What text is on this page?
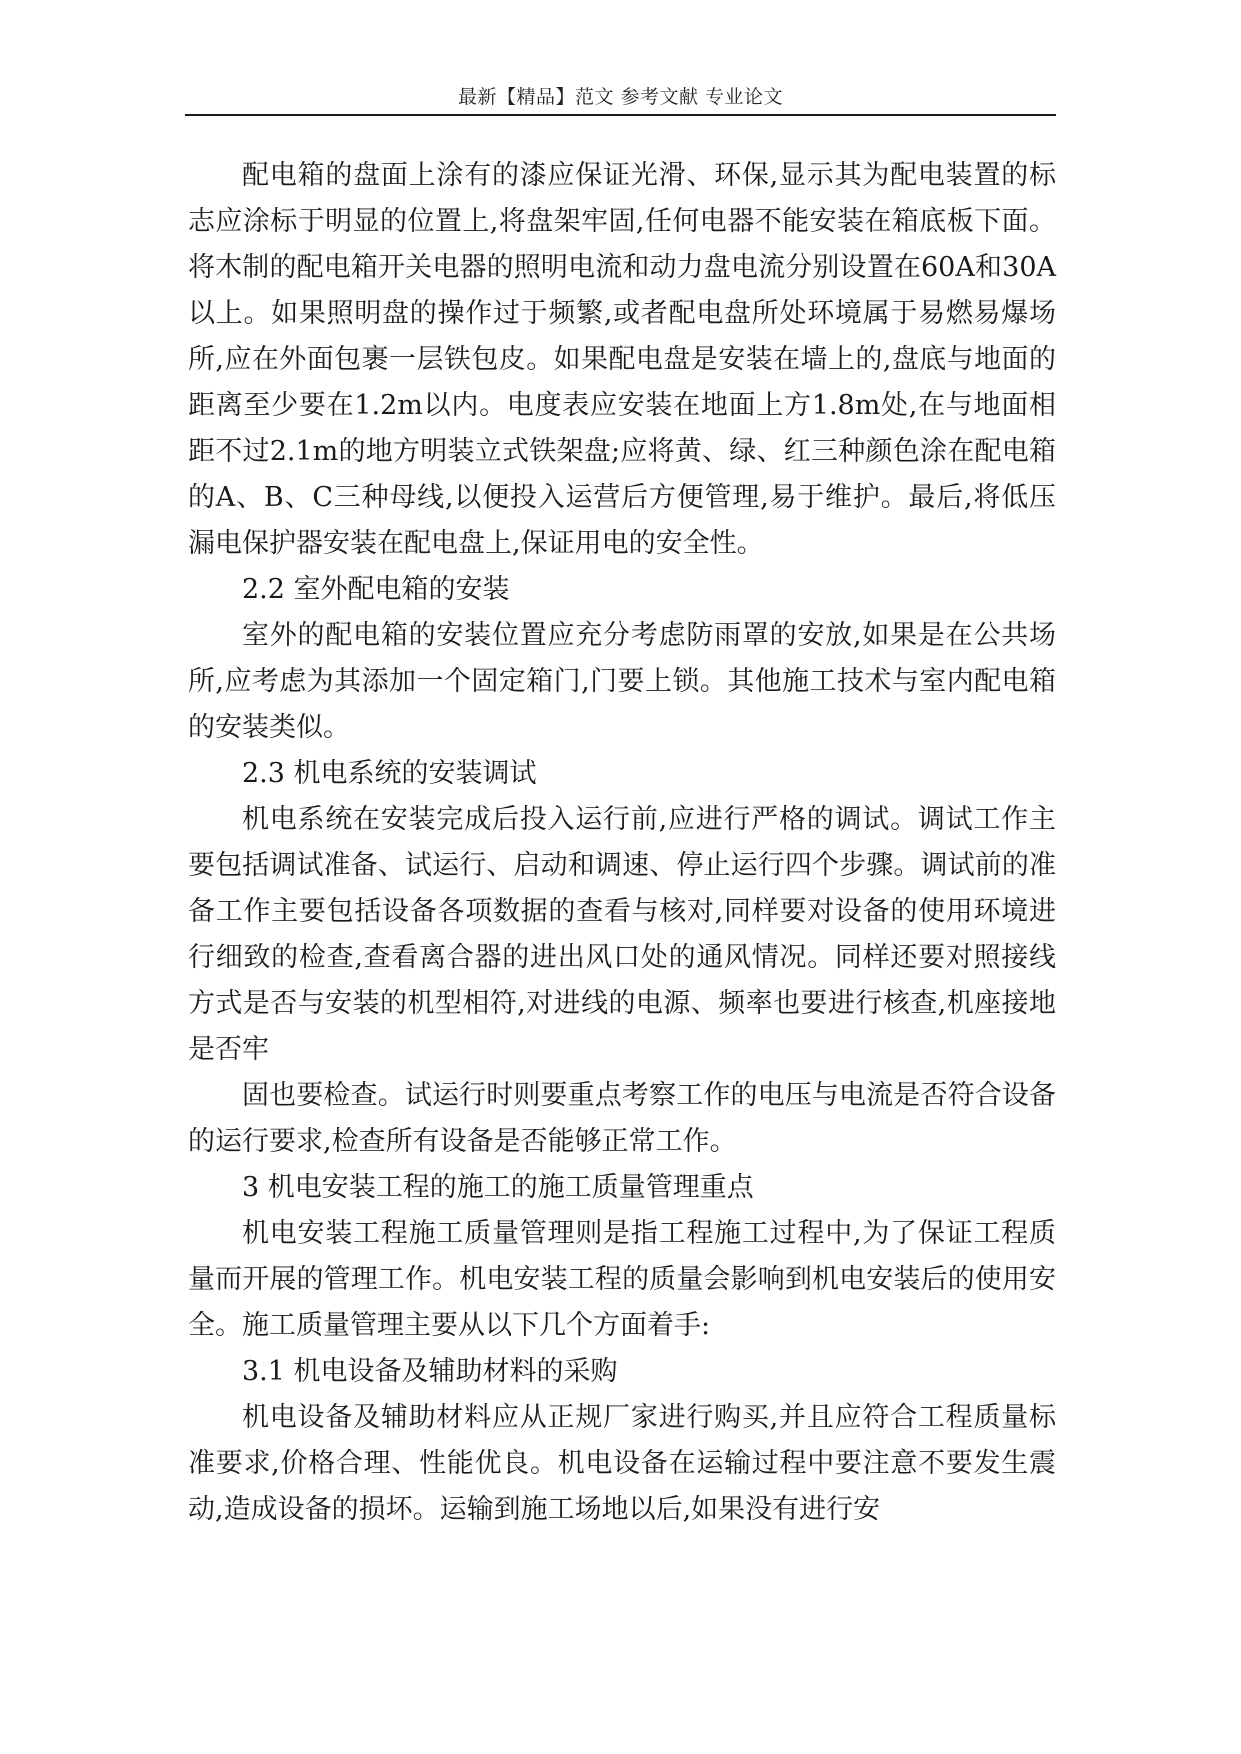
最新【精品】范文 参考文献 专业论文

配电箱的盘面上涂有的漆应保证光滑、环保,显示其为配电装置的标志应涂标于明显的位置上,将盘架牢固,任何电器不能安装在箱底板下面。将木制的配电箱开关电器的照明电流和动力盘电流分别设置在60A和30A以上。如果照明盘的操作过于频繁,或者配电盘所处环境属于易燃易爆场所,应在外面包裹一层铁包皮。如果配电盘是安装在墙上的,盘底与地面的距离至少要在1.2m以内。电度表应安装在地面上方1.8m处,在与地面相距不过2.1m的地方明装立式铁架盘;应将黄、绿、红三种颜色涂在配电箱的A、B、C三种母线,以便投入运营后方便管理,易于维护。最后,将低压漏电保护器安装在配电盘上,保证用电的安全性。

2.2 室外配电箱的安装

室外的配电箱的安装位置应充分考虑防雨罩的安放,如果是在公共场所,应考虑为其添加一个固定箱门,门要上锁。其他施工技术与室内配电箱的安装类似。

2.3 机电系统的安装调试

机电系统在安装完成后投入运行前,应进行严格的调试。调试工作主要包括调试准备、试运行、启动和调速、停止运行四个步骤。调试前的准备工作主要包括设备各项数据的查看与核对,同样要对设备的使用环境进行细致的检查,查看离合器的进出风口处的通风情况。同样还要对照接线方式是否与安装的机型相符,对进线的电源、频率也要进行核查,机座接地是否牢

固也要检查。试运行时则要重点考察工作的电压与电流是否符合设备的运行要求,检查所有设备是否能够正常工作。

3 机电安装工程的施工的施工质量管理重点

机电安装工程施工质量管理则是指工程施工过程中,为了保证工程质量而开展的管理工作。机电安装工程的质量会影响到机电安装后的使用安全。施工质量管理主要从以下几个方面着手:

3.1 机电设备及辅助材料的采购

机电设备及辅助材料应从正规厂家进行购买,并且应符合工程质量标准要求,价格合理、性能优良。机电设备在运输过程中要注意不要发生震动,造成设备的损坏。运输到施工场地以后,如果没有进行安
